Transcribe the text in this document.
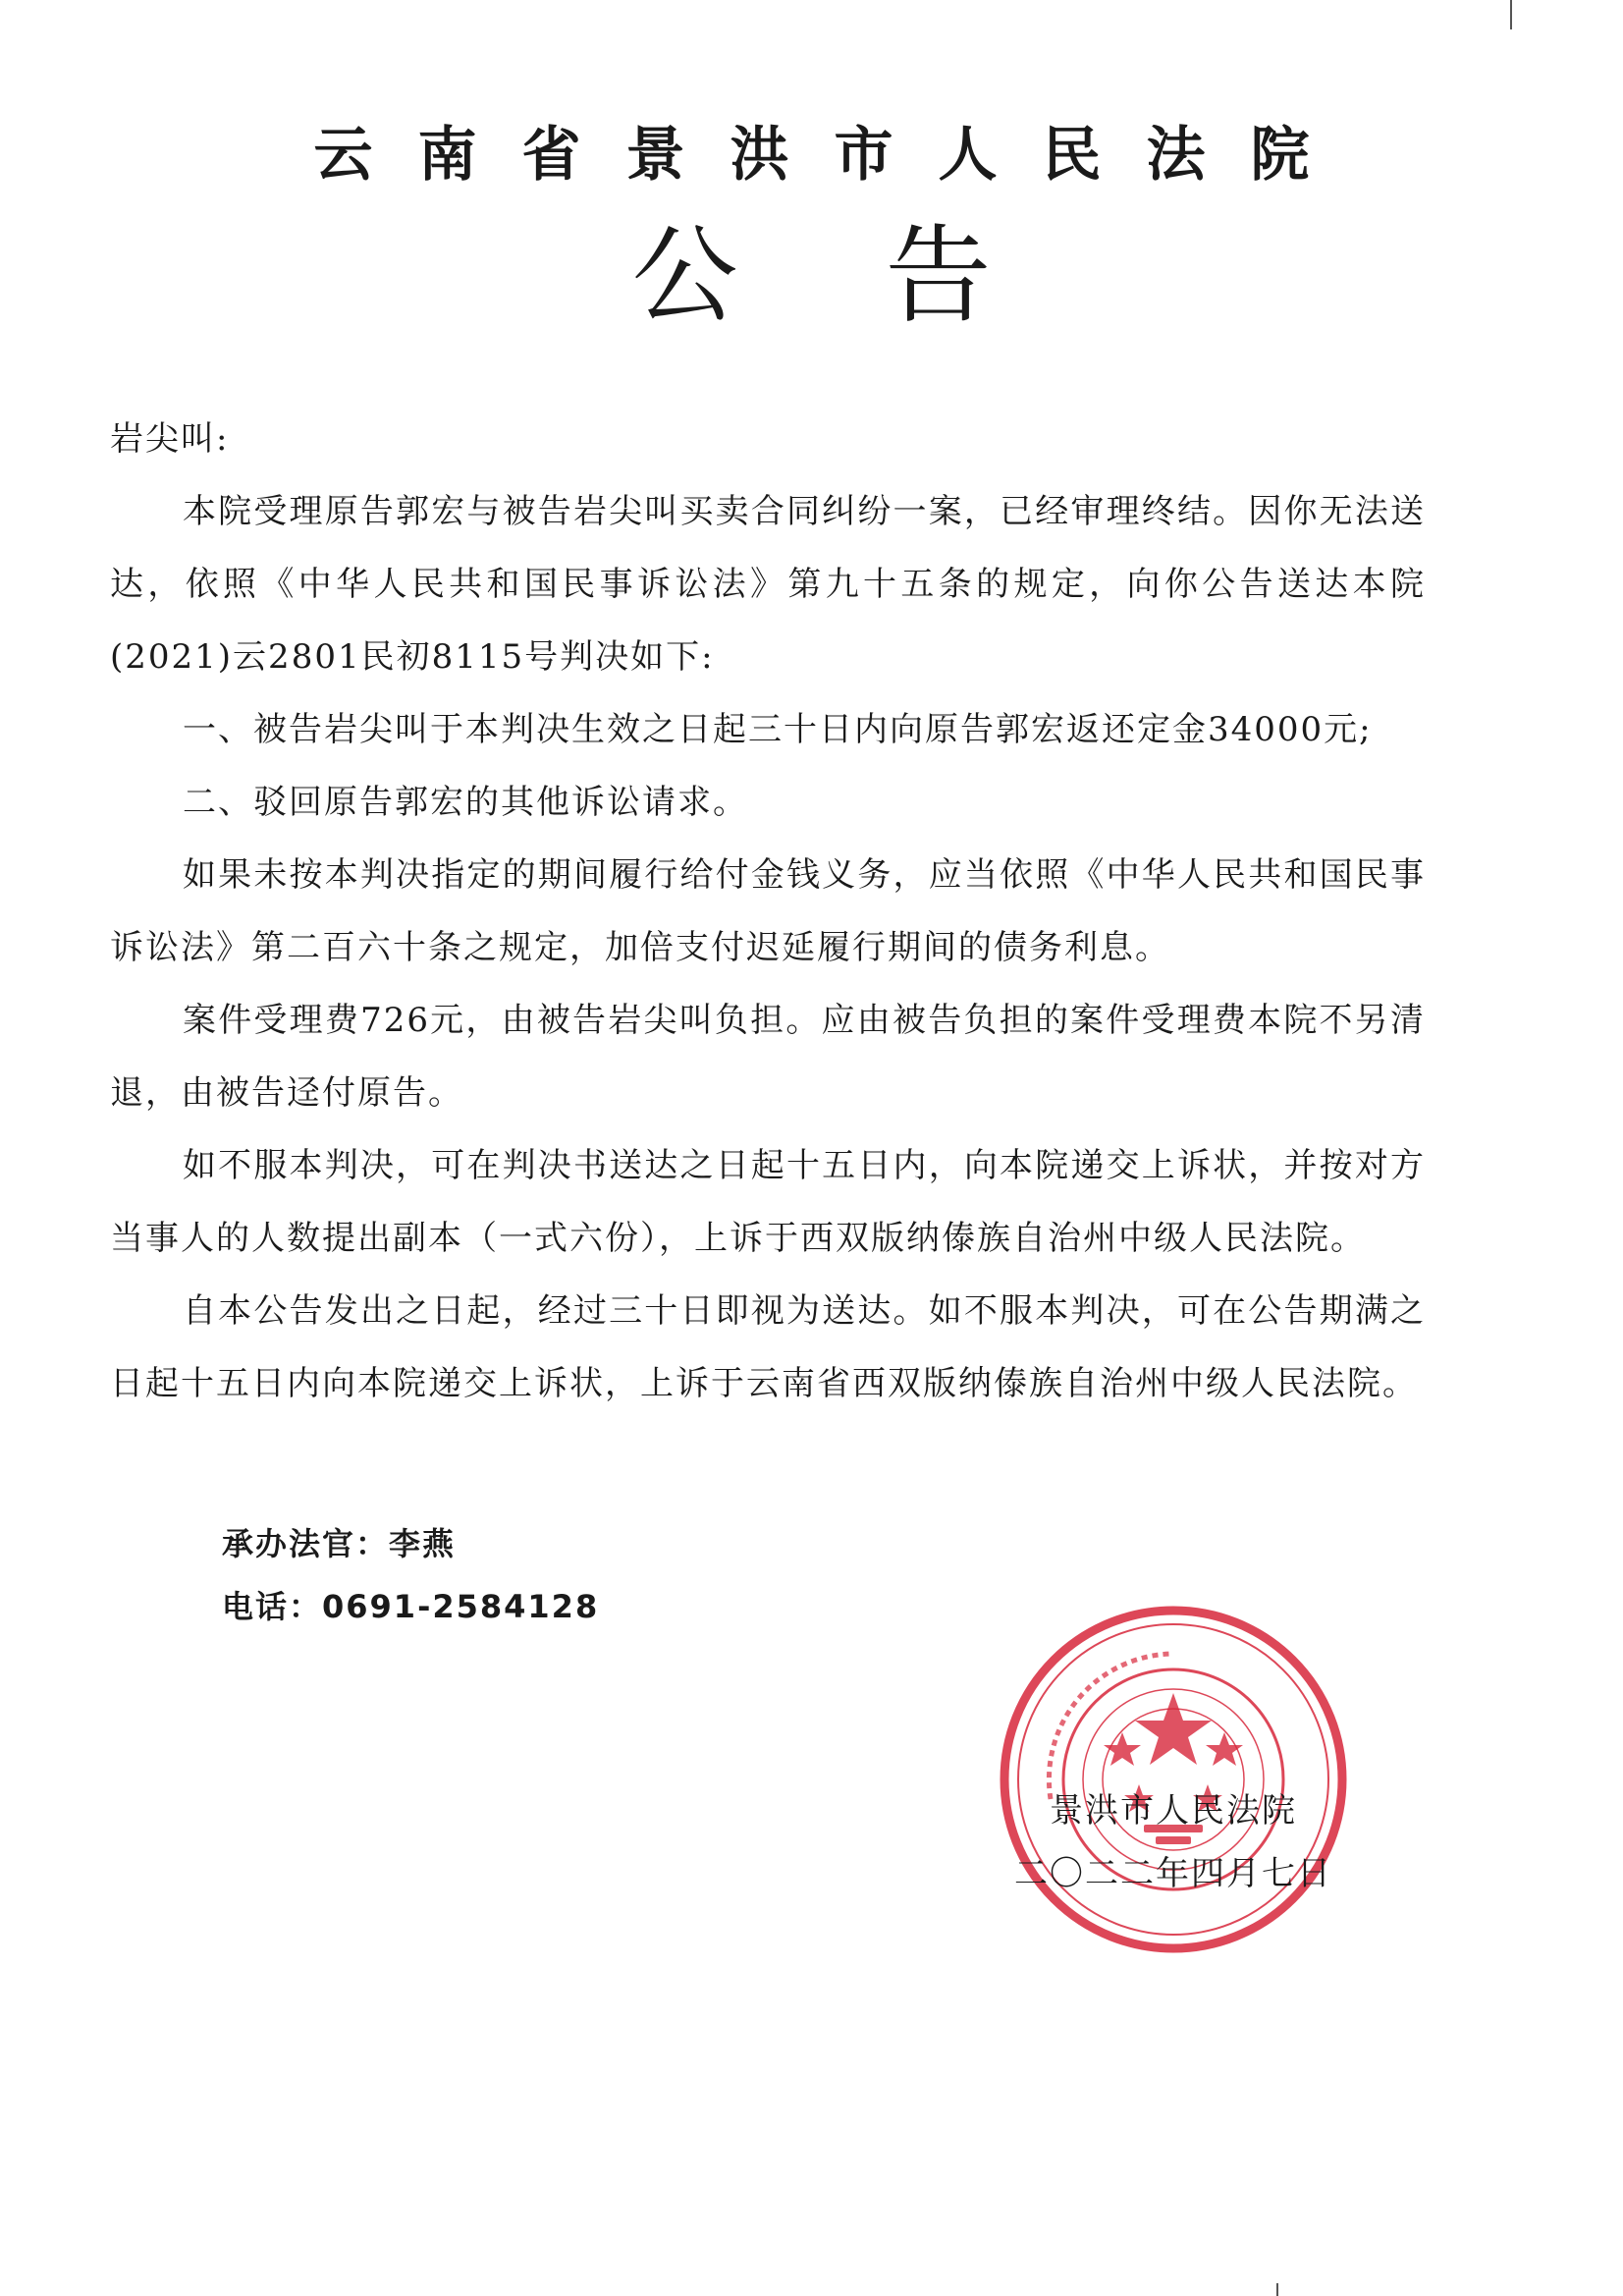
云南省景洪市人民法院
公告

岩尖叫:

本院受理原告郭宏与被告岩尖叫买卖合同纠纷一案，已经审理终结。因你无法送达，依照《中华人民共和国民事诉讼法》第九十五条的规定，向你公告送达本院(2021)云2801民初8115号判决如下:

一、被告岩尖叫于本判决生效之日起三十日内向原告郭宏返还定金34000元;

二、驳回原告郭宏的其他诉讼请求。

如果未按本判决指定的期间履行给付金钱义务，应当依照《中华人民共和国民事诉讼法》第二百六十条之规定，加倍支付迟延履行期间的债务利息。

案件受理费726元，由被告岩尖叫负担。应由被告负担的案件受理费本院不另清退，由被告迳付原告。

如不服本判决，可在判决书送达之日起十五日内，向本院递交上诉状，并按对方当事人的人数提出副本（一式六份），上诉于西双版纳傣族自治州中级人民法院。

自本公告发出之日起，经过三十日即视为送达。如不服本判决，可在公告期满之日起十五日内向本院递交上诉状，上诉于云南省西双版纳傣族自治州中级人民法院。

承办法官：李燕
电话：0691-2584128
景洪市人民法院
二〇二二年四月七日
